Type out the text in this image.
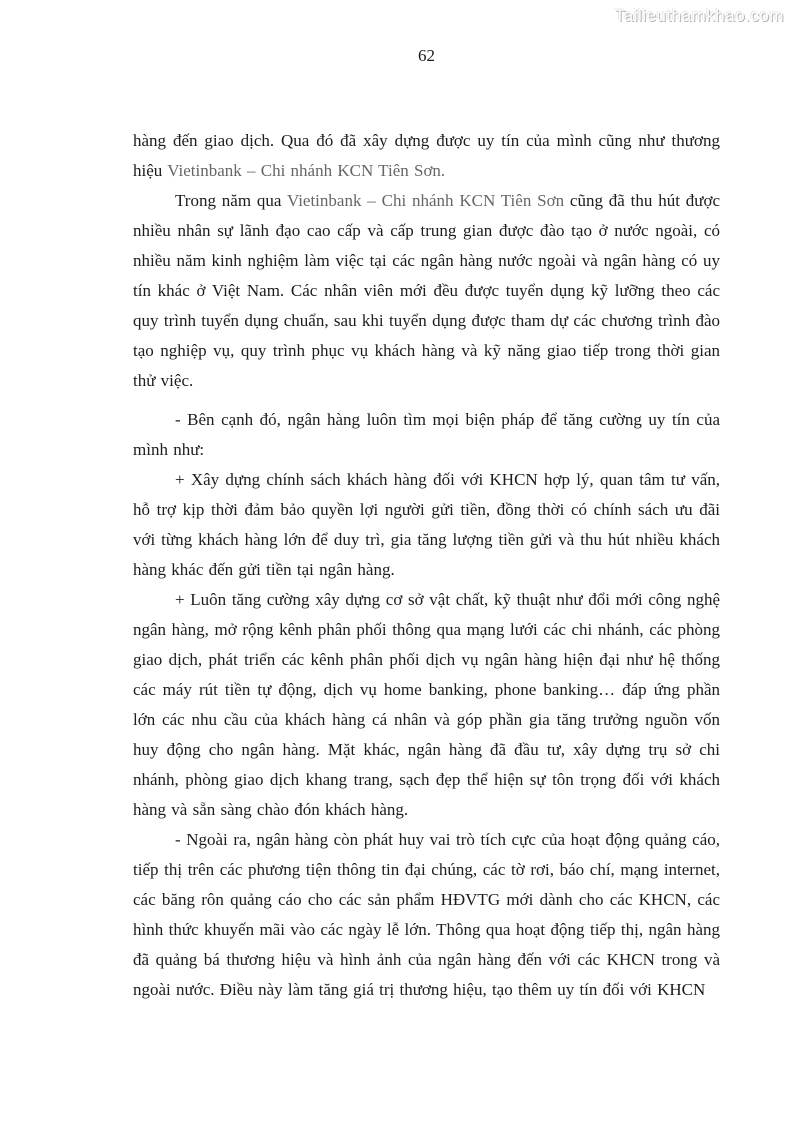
Tailieuthamkhao.com
62

hàng đến giao dịch. Qua đó đã xây dựng được uy tín của mình cũng như thương hiệu Vietinbank – Chi nhánh KCN Tiên Sơn.

Trong năm qua Vietinbank – Chi nhánh KCN Tiên Sơn cũng đã thu hút được nhiều nhân sự lãnh đạo cao cấp và cấp trung gian được đào tạo ở nước ngoài, có nhiều năm kinh nghiệm làm việc tại các ngân hàng nước ngoài và ngân hàng có uy tín khác ở Việt Nam. Các nhân viên mới đều được tuyển dụng kỹ lưỡng theo các quy trình tuyển dụng chuẩn, sau khi tuyển dụng được tham dự các chương trình đào tạo nghiệp vụ, quy trình phục vụ khách hàng và kỹ năng giao tiếp trong thời gian thử việc.

- Bên cạnh đó, ngân hàng luôn tìm mọi biện pháp để tăng cường uy tín của mình như:

+ Xây dựng chính sách khách hàng đối với KHCN hợp lý, quan tâm tư vấn, hỗ trợ kịp thời đảm bảo quyền lợi người gửi tiền, đồng thời có chính sách ưu đãi với từng khách hàng lớn để duy trì, gia tăng lượng tiền gửi và thu hút nhiều khách hàng khác đến gửi tiền tại ngân hàng.

+ Luôn tăng cường xây dựng cơ sở vật chất, kỹ thuật như đổi mới công nghệ ngân hàng, mở rộng kênh phân phối thông qua mạng lưới các chi nhánh, các phòng giao dịch, phát triển các kênh phân phối dịch vụ ngân hàng hiện đại như hệ thống các máy rút tiền tự động, dịch vụ home banking, phone banking… đáp ứng phần lớn các nhu cầu của khách hàng cá nhân và góp phần gia tăng trưởng nguồn vốn huy động cho ngân hàng. Mặt khác, ngân hàng đã đầu tư, xây dựng trụ sở chi nhánh, phòng giao dịch khang trang, sạch đẹp thể hiện sự tôn trọng đối với khách hàng và sẵn sàng chào đón khách hàng.

- Ngoài ra, ngân hàng còn phát huy vai trò tích cực của hoạt động quảng cáo, tiếp thị trên các phương tiện thông tin đại chúng, các tờ rơi, báo chí, mạng internet, các băng rôn quảng cáo cho các sản phẩm HĐVTG mới dành cho các KHCN, các hình thức khuyến mãi vào các ngày lễ lớn. Thông qua hoạt động tiếp thị, ngân hàng đã quảng bá thương hiệu và hình ảnh của ngân hàng đến với các KHCN trong và ngoài nước. Điều này làm tăng giá trị thương hiệu, tạo thêm uy tín đối với KHCN
